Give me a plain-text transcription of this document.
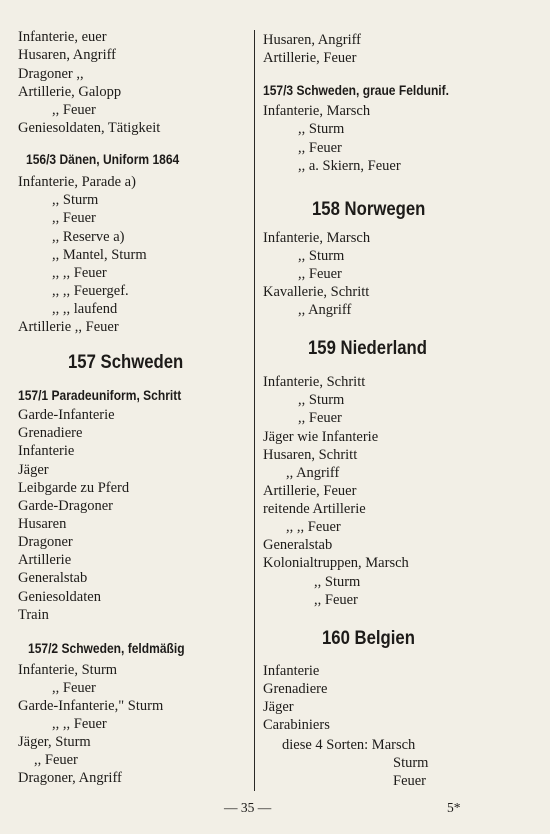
Infanterie, euer
Husaren, Angriff
Dragoner ,,
Artillerie, Galopp
,, Feuer
Geniesoldaten, Tätigkeit
156/3 Dänen, Uniform 1864
Infanterie, Parade a)
,, Sturm
,, Feuer
,, Reserve a)
,, Mantel, Sturm
,, ,, Feuer
,, ,, Feuergef.
,, ,, laufend
Artillerie ,, Feuer
157 Schweden
157/1 Paradeuniform, Schritt
Garde-Infanterie
Grenadiere
Infanterie
Jäger
Leibgarde zu Pferd
Garde-Dragoner
Husaren
Dragoner
Artillerie
Generalstab
Geniesoldaten
Train
157/2 Schweden, feldmäßig
Infanterie, Sturm
,, Feuer
Garde-Infanterie," Sturm
,, ,, Feuer
Jäger, Sturm
,, Feuer
Dragoner, Angriff
Husaren, Angriff
Artillerie, Feuer
157/3 Schweden, graue Feldunif.
Infanterie, Marsch
,, Sturm
,, Feuer
,, a. Skiern, Feuer
158 Norwegen
Infanterie, Marsch
,, Sturm
,, Feuer
Kavallerie, Schritt
,, Angriff
159 Niederland
Infanterie, Schritt
,, Sturm
,, Feuer
Jäger wie Infanterie
Husaren, Schritt
,, Angriff
Artillerie, Feuer
reitende Artillerie
,, ,, Feuer
Generalstab
Kolonialtruppen, Marsch
,, Sturm
,, Feuer
160 Belgien
Infanterie
Grenadiere
Jäger
Carabiniers
diese 4 Sorten: Marsch
Sturm
Feuer
— 35 —	5*
